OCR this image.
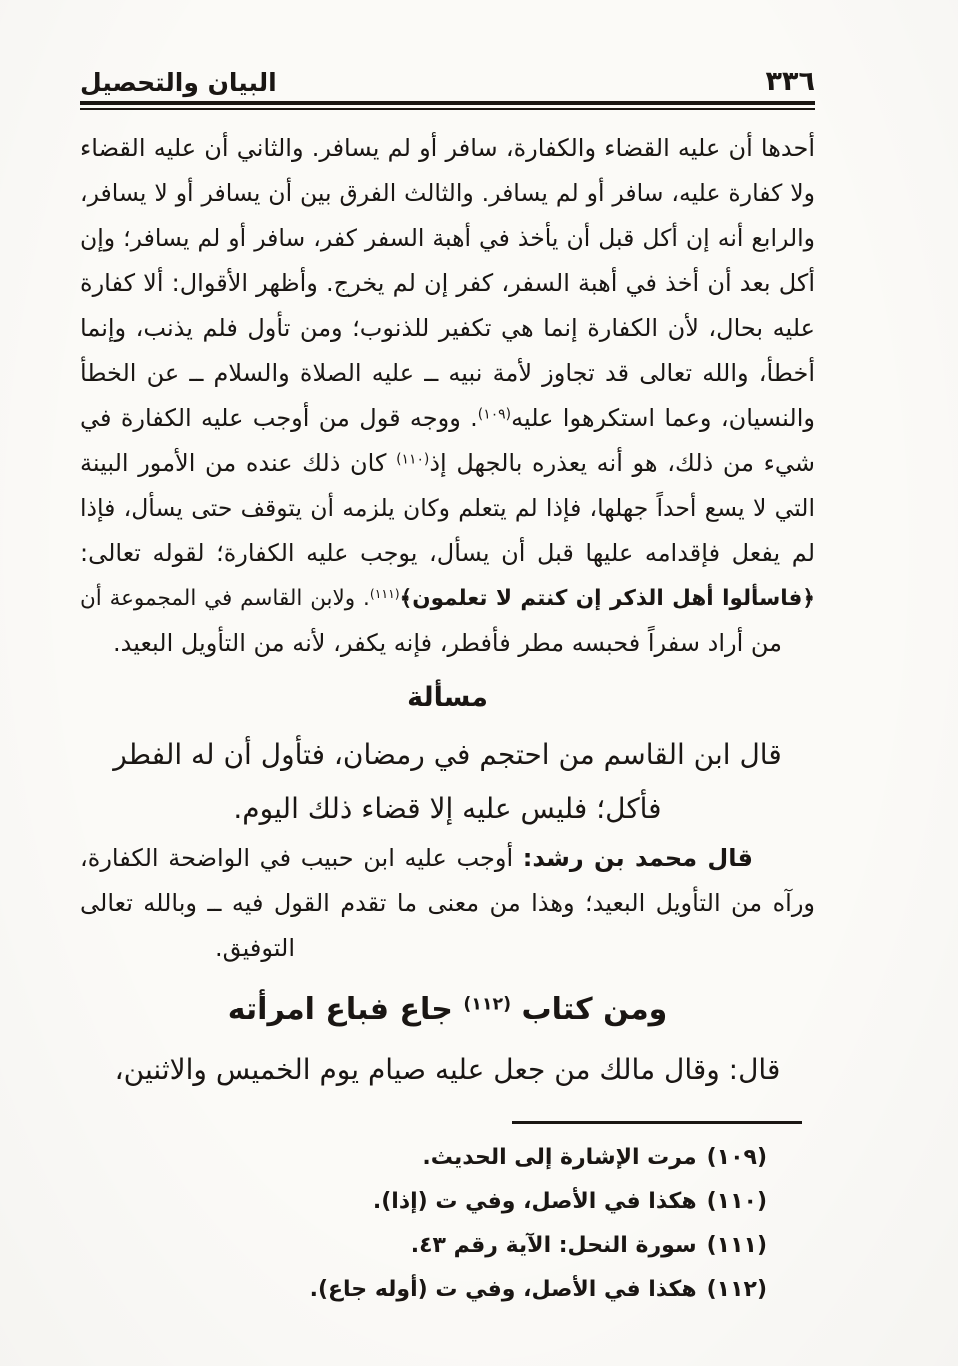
البيان والتحصيل	٣٣٦
أحدها أن عليه القضاء والكفارة، سافر أو لم يسافر. والثاني أن عليه القضاء
ولا كفارة عليه، سافر أو لم يسافر. والثالث الفرق بين أن يسافر أو لا يسافر،
والرابع أنه إن أكل قبل أن يأخذ في أهبة السفر كفر، سافر أو لم يسافر؛ وإن
أكل بعد أن أخذ في أهبة السفر، كفر إن لم يخرج. وأظهر الأقوال: ألا كفارة
عليه بحال، لأن الكفارة إنما هي تكفير للذنوب؛ ومن تأول فلم يذنب، وإنما
أخطأ، والله تعالى قد تجاوز لأمة نبيه ــ عليه الصلاة والسلام ــ عن الخطأ
والنسيان، وعما استكرهوا عليه$^{(١٠٩)}$. ووجه قول من أوجب عليه الكفارة في
شيء من ذلك، هو أنه يعذره بالجهل إذ$^{(١١٠)}$ كان ذلك عنده من الأمور البينة
التي لا يسع أحداً جهلها، فإذا لم يتعلم وكان يلزمه أن يتوقف حتى يسأل، فإذا
لم يفعل فإقدامه عليها قبل أن يسأل، يوجب عليه الكفارة؛ لقوله تعالى:
﴿فاسألوا أهل الذكر إن كنتم لا تعلمون﴾$^{(١١١)}$. ولابن القاسم في المجموعة أن
من أراد سفراً فحبسه مطر فأفطر، فإنه يكفر، لأنه من التأويل البعيد.
مسألة
قال ابن القاسم من احتجم في رمضان، فتأول أن له الفطر
فأكل؛ فليس عليه إلا قضاء ذلك اليوم.
قال محمد بن رشد: أوجب عليه ابن حبيب في الواضحة الكفارة،
ورآه من التأويل البعيد؛ وهذا من معنى ما تقدم القول فيه ــ وبالله تعالى
التوفيق.
ومن كتاب $^{(١١٢)}$ جاع فباع امرأته
قال: وقال مالك من جعل عليه صيام يوم الخميس والاثنين،
(١٠٩)مرت الإشارة إلى الحديث.
(١١٠)هكذا في الأصل، وفي ت (إذا).
(١١١)سورة النحل: الآية رقم ٤٣.
(١١٢)هكذا في الأصل، وفي ت (أوله جاع).
